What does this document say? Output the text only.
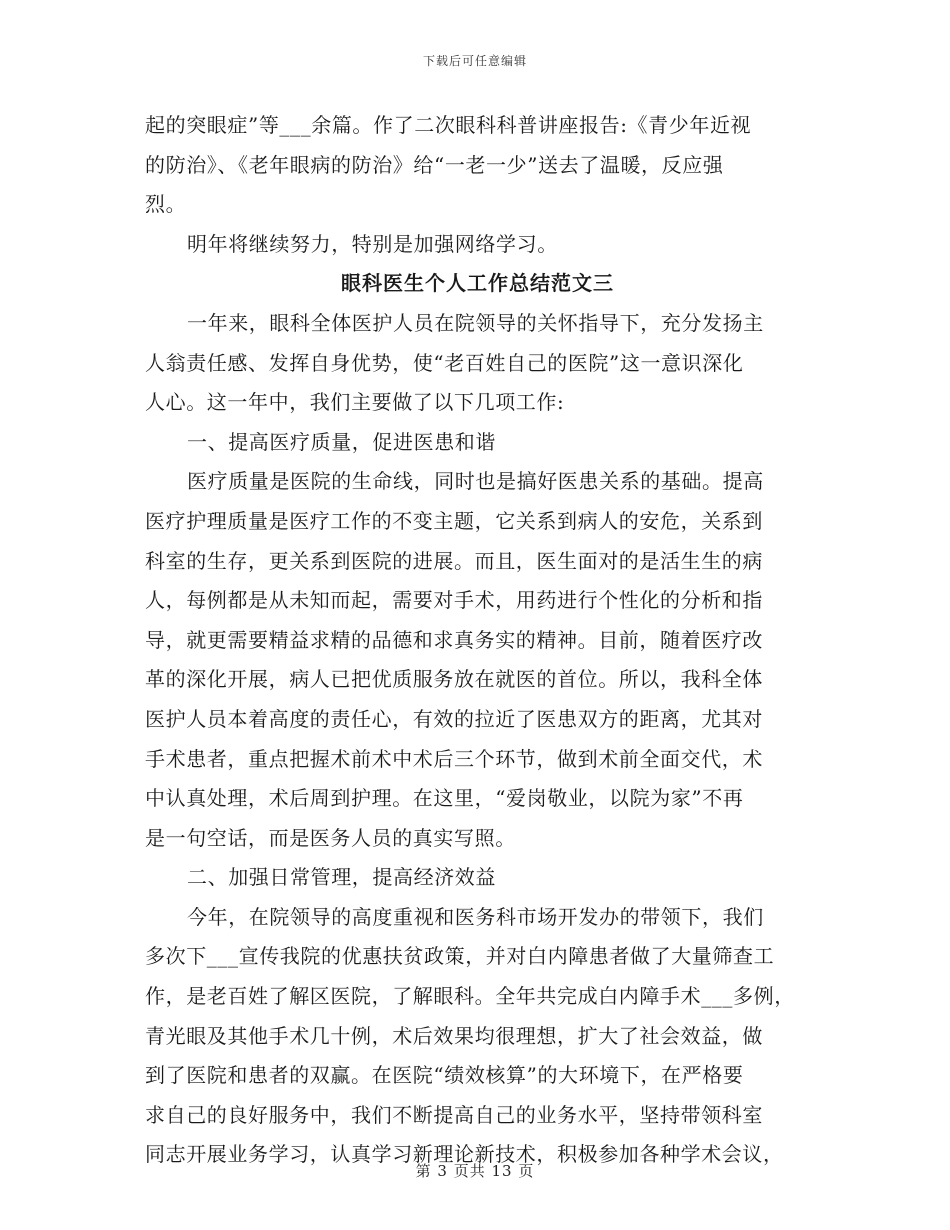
下载后可任意编辑
起的突眼症”等___余篇。作了二次眼科科普讲座报告:《青少年近视
的防治》、《老年眼病的防治》给“一老一少”送去了温暖，反应强
烈。
明年将继续努力，特别是加强网络学习。
眼科医生个人工作总结范文三
一年来，眼科全体医护人员在院领导的关怀指导下，充分发扬主
人翁责任感、发挥自身优势，使“老百姓自己的医院”这一意识深化
人心。这一年中，我们主要做了以下几项工作:
一、提高医疗质量，促进医患和谐
医疗质量是医院的生命线，同时也是搞好医患关系的基础。提高
医疗护理质量是医疗工作的不变主题，它关系到病人的安危，关系到
科室的生存，更关系到医院的进展。而且，医生面对的是活生生的病
人，每例都是从未知而起，需要对手术，用药进行个性化的分析和指
导，就更需要精益求精的品德和求真务实的精神。目前，随着医疗改
革的深化开展，病人已把优质服务放在就医的首位。所以，我科全体
医护人员本着高度的责任心，有效的拉近了医患双方的距离，尤其对
手术患者，重点把握术前术中术后三个环节，做到术前全面交代，术
中认真处理，术后周到护理。在这里，“爱岗敬业，以院为家”不再
是一句空话，而是医务人员的真实写照。
二、加强日常管理，提高经济效益
今年，在院领导的高度重视和医务科市场开发办的带领下，我们
多次下___宣传我院的优惠扶贫政策，并对白内障患者做了大量筛查工
作，是老百姓了解区医院，了解眼科。全年共完成白内障手术___多例，
青光眼及其他手术几十例，术后效果均很理想，扩大了社会效益，做
到了医院和患者的双赢。在医院“绩效核算”的大环境下，在严格要
求自己的良好服务中，我们不断提高自己的业务水平，坚持带领科室
同志开展业务学习，认真学习新理论新技术，积极参加各种学术会议，
第 3 页共 13 页
